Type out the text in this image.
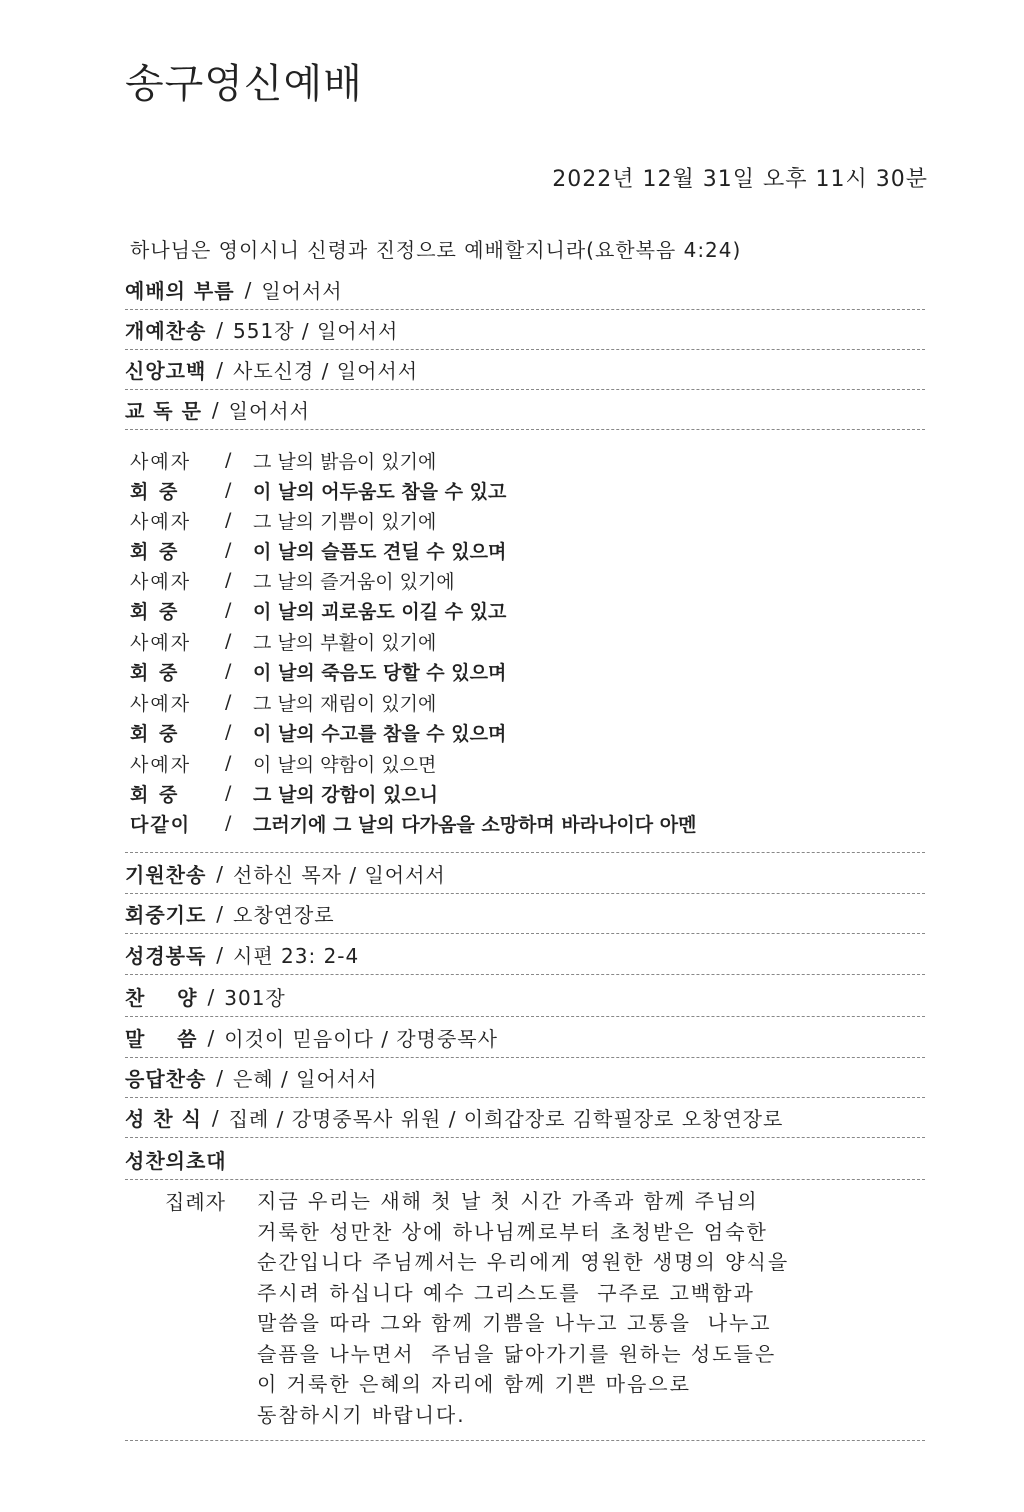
송구영신예배
2022년 12월 31일 오후 11시 30분
하나님은 영이시니 신령과 진정으로 예배할지니라(요한복음 4:24)
예배의 부름 / 일어서서
개예찬송 / 551장 / 일어서서
신앙고백 / 사도신경 / 일어서서
교 독 문 / 일어서서
사예자	/	그 날의 밝음이 있기에
회 중	/	이 날의 어두움도 참을 수 있고
사예자	/	그 날의 기쁨이 있기에
회 중	/	이 날의 슬픔도 견딜 수 있으며
사예자	/	그 날의 즐거움이 있기에
회 중	/	이 날의 괴로움도 이길 수 있고
사예자	/	그 날의 부활이 있기에
회 중	/	이 날의 죽음도 당할 수 있으며
사예자	/	그 날의 재림이 있기에
회 중	/	이 날의 수고를 참을 수 있으며
사예자	/	이 날의 약함이 있으면
회 중	/	그 날의 강함이 있으니
다같이	/	그러기에 그 날의 다가옴을 소망하며 바라나이다 아멘
기원찬송 / 선하신 목자 / 일어서서
회중기도 / 오창연장로
성경봉독 / 시편 23: 2-4
찬    양 / 301장
말    씀 / 이것이 믿음이다 / 강명중목사
응답찬송 / 은혜 / 일어서서
성 찬 식 / 집례 / 강명중목사 위원 / 이희갑장로 김학필장로 오창연장로
성찬의초대
집례자	지금 우리는 새해 첫 날 첫 시간 가족과 함께 주님의
거룩한 성만찬 상에 하나님께로부터 초청받은 엄숙한
순간입니다 주님께서는 우리에게 영원한 생명의 양식을
주시려 하십니다 예수 그리스도를  구주로 고백함과
말씀을 따라 그와 함께 기쁨을 나누고 고통을  나누고
슬픔을 나누면서  주님을 닮아가기를 원하는 성도들은
이 거룩한 은혜의 자리에 함께 기쁜 마음으로
동참하시기 바랍니다.
